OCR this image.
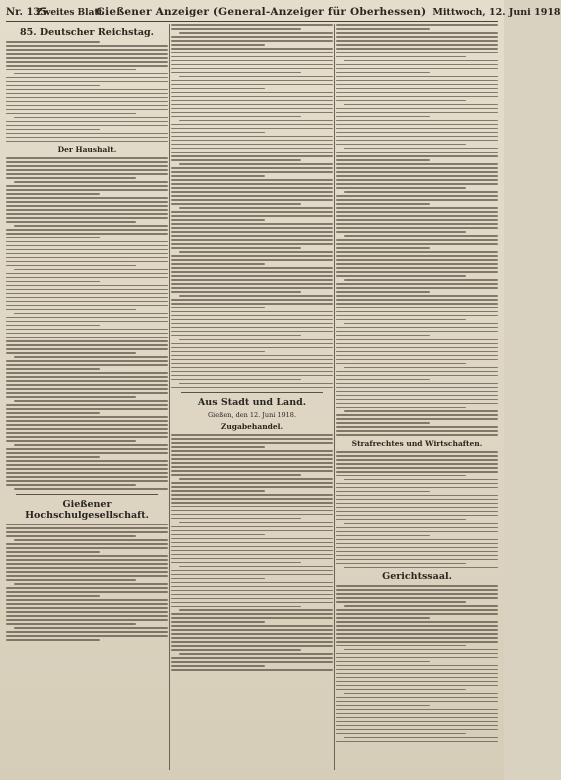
Nr. 135
Zweites Blatt
Gießener Anzeiger (General-Anzeiger für Oberhessen) Mittwoch, 12. Juni 1918
85. Deutscher Reichstag.
Der Haushalt.
Gießener Hochschulgesellschaft.
Aus Stadt und Land.
Gießen, den 12. Juni 1918.
Zugabehandel.
Strafrechtes und Wirtschaften.
Gerichtssaal.
